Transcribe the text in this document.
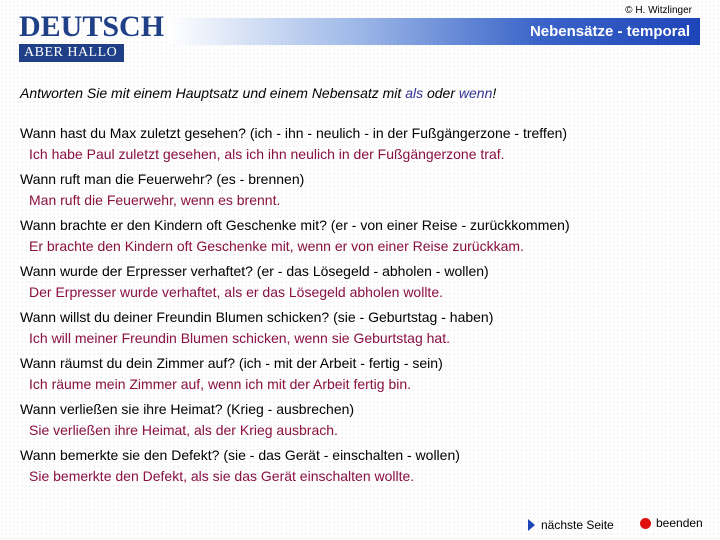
© H. Witzlinger
DEUTSCH
ABER HALLO
Nebensätze - temporal
Antworten Sie mit einem Hauptsatz und einem Nebensatz mit als oder wenn!
Wann hast du Max zuletzt gesehen? (ich - ihn - neulich - in der Fußgängerzone - treffen)
Ich habe Paul zuletzt gesehen, als ich ihn neulich in der Fußgängerzone traf.
Wann ruft man die Feuerwehr? (es - brennen)
Man ruft die Feuerwehr, wenn es brennt.
Wann brachte er den Kindern oft Geschenke mit? (er - von einer Reise - zurückkommen)
Er brachte den Kindern oft Geschenke mit, wenn er von einer Reise zurückkam.
Wann wurde der Erpresser verhaftet? (er - das Lösegeld - abholen - wollen)
Der Erpresser wurde verhaftet, als er das Lösegeld abholen wollte.
Wann willst du deiner Freundin Blumen schicken? (sie - Geburtstag - haben)
Ich will meiner Freundin Blumen schicken, wenn sie Geburtstag hat.
Wann räumst du dein Zimmer auf? (ich - mit der Arbeit - fertig - sein)
Ich räume mein Zimmer auf, wenn ich mit der Arbeit fertig bin.
Wann verließen sie ihre Heimat? (Krieg - ausbrechen)
Sie verließen ihre Heimat, als der Krieg ausbrach.
Wann bemerkte sie den Defekt? (sie - das Gerät - einschalten - wollen)
Sie bemerkte den Defekt, als sie das Gerät einschalten wollte.
nächste Seite	beenden
